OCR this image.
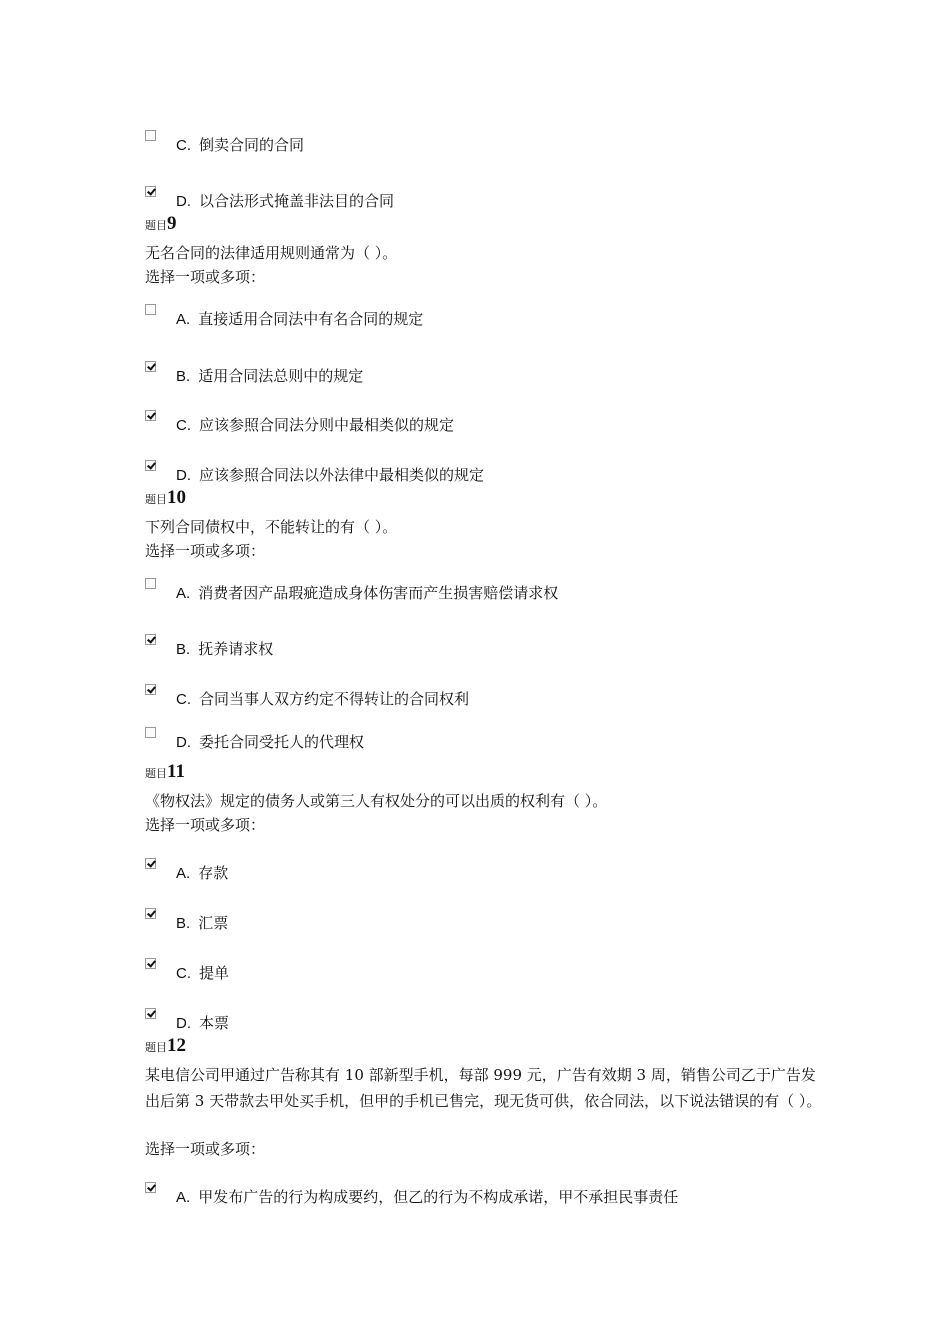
C. 倒卖合同的合同
D. 以合法形式掩盖非法目的合同
题目9
无名合同的法律适用规则通常为（ ）。
选择一项或多项：
A. 直接适用合同法中有名合同的规定
B. 适用合同法总则中的规定
C. 应该参照合同法分则中最相类似的规定
D. 应该参照合同法以外法律中最相类似的规定
题目10
下列合同债权中，不能转让的有（ ）。
选择一项或多项：
A. 消费者因产品瑕疵造成身体伤害而产生损害赔偿请求权
B. 抚养请求权
C. 合同当事人双方约定不得转让的合同权利
D. 委托合同受托人的代理权
题目11
《物权法》规定的债务人或第三人有权处分的可以出质的权利有（ ）。
选择一项或多项：
A. 存款
B. 汇票
C. 提单
D. 本票
题目12
某电信公司甲通过广告称其有 10 部新型手机，每部 999 元，广告有效期 3 周，销售公司乙于广告发出后第 3 天带款去甲处买手机，但甲的手机已售完，现无货可供，依合同法，以下说法错误的有（ ）。
选择一项或多项：
A. 甲发布广告的行为构成要约，但乙的行为不构成承诺，甲不承担民事责任
